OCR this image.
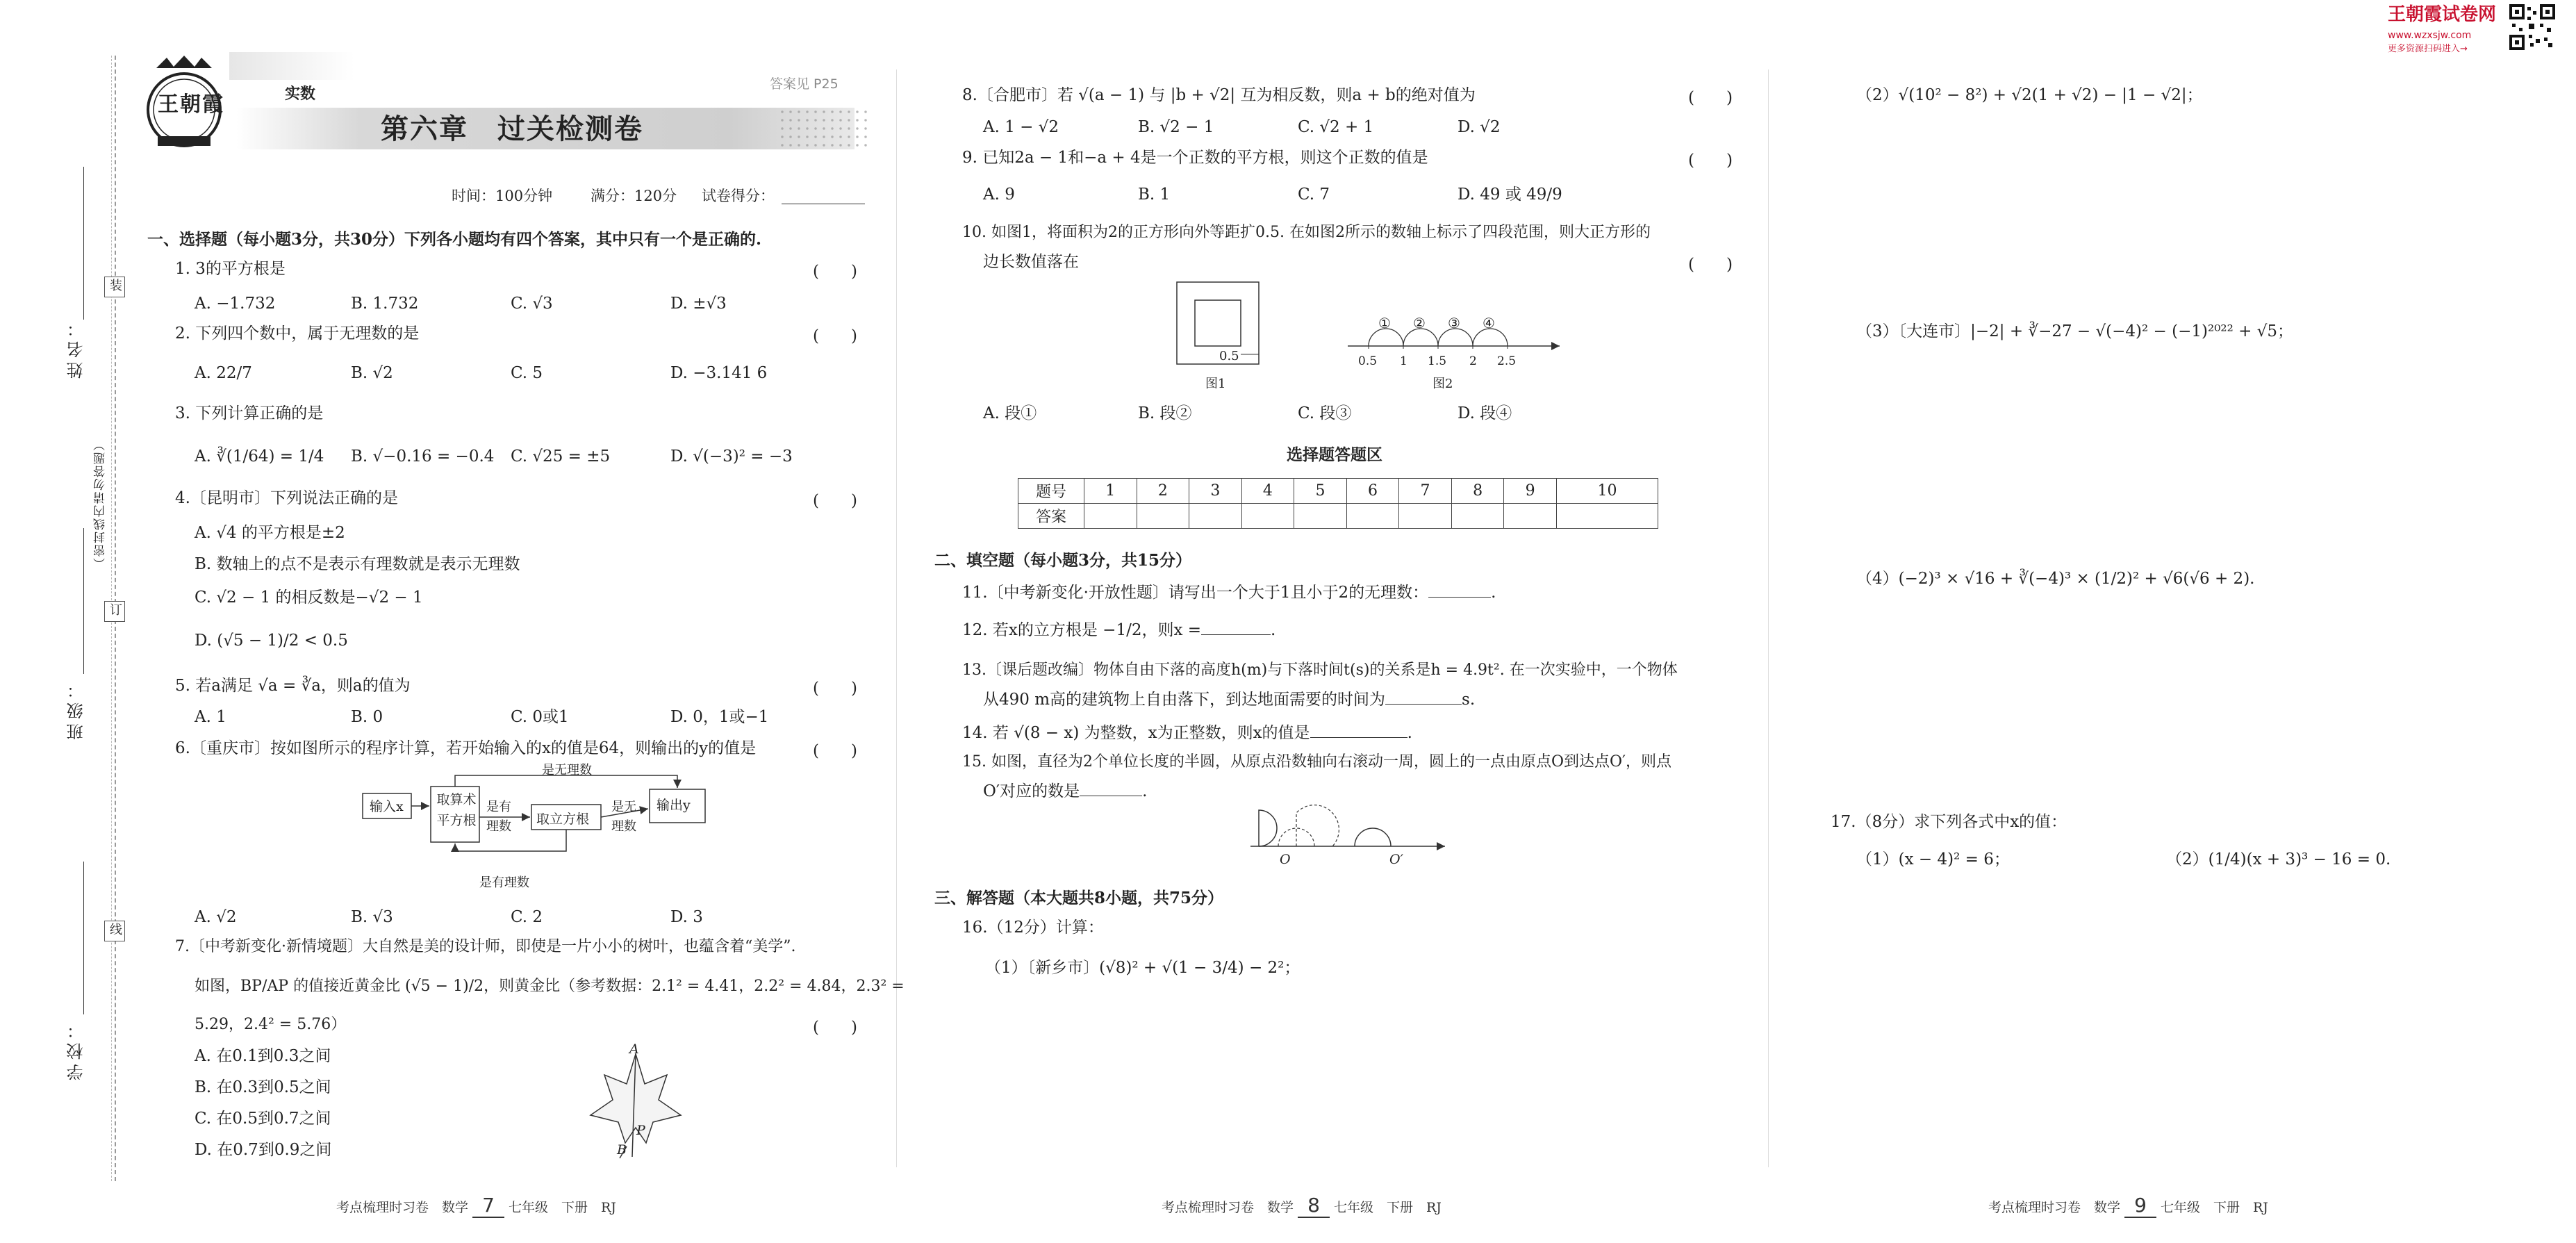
姓名：
班级：
学校：
（密封线内请勿答题）
装
订
线
王朝霞	实数
第六章　过关检测卷
答案见 P25
时间：100分钟	满分：120分 试卷得分：
王朝霞试卷网
www.wzxsjw.com
更多资源扫码进入→
一、选择题（每小题3分，共30分）下列各小题均有四个答案，其中只有一个是正确的.
1. 3的平方根是	(　　)
A. −1.732	B. 1.732	C. √3	D. ±√3
2. 下列四个数中，属于无理数的是	(　　)
A. 22/7	B. √2	C. 5	D. −3.141 6
3. 下列计算正确的是
A. ∛(1/64) = 1/4 B. √−0.16 = −0.4 C. √25 = ±5	D. √(−3)² = −3
4.〔昆明市〕下列说法正确的是	(　　)
A. √4 的平方根是±2
B. 数轴上的点不是表示有理数就是表示无理数
C. √2 − 1 的相反数是−√2 − 1
D. (√5 − 1)/2 < 0.5
5. 若a满足 √a = ∛a，则a的值为	(　　)
A. 1	B. 0	C. 0或1	D. 0，1或−1
6.〔重庆市〕按如图所示的程序计算，若开始输入的x的值是64，则输出的y的值是	(　　)
输入x	取算术平方根
是有理数	取立方根
是无理数
输出y
是无理数
是有理数
A. √2	B. √3	C. 2	D. 3
7.〔中考新变化·新情境题〕大自然是美的设计师，即使是一片小小的树叶，也蕴含着“美学”.
如图，BP/AP 的值接近黄金比 (√5 − 1)/2，则黄金比（参考数据：2.1² = 4.41，2.2² = 4.84，2.3² =
5.29，2.4² = 5.76）	(　　)
A. 在0.1到0.3之间
B. 在0.3到0.5之间
C. 在0.5到0.7之间
D. 在0.7到0.9之间
A
P
B
8.〔合肥市〕若 √(a − 1) 与 |b + √2| 互为相反数，则a + b的绝对值为	(　　)
A. 1 − √2	B. √2 − 1	C. √2 + 1	D. √2
9. 已知2a − 1和−a + 4是一个正数的平方根，则这个正数的值是	(　　)
A. 9	B. 1	C. 7	D. 49 或 49/9
10. 如图1，将面积为2的正方形向外等距扩0.5. 在如图2所示的数轴上标示了四段范围，则大正方形的
边长数值落在	(　　)
0.5
图1
① ② ③ ④
0.5 1 1.5 2 2.5
图2
A. 段①	B. 段②	C. 段③	D. 段④
选择题答题区
题号	1	2	3	4	5	6	7	8	9	10
答案										
二、填空题（每小题3分，共15分）
11.〔中考新变化·开放性题〕请写出一个大于1且小于2的无理数：	.
12. 若x的立方根是 −1/2，则x =	.
13.〔课后题改编〕物体自由下落的高度h(m)与下落时间t(s)的关系是h = 4.9t². 在一次实验中，一个物体
从490 m高的建筑物上自由落下，到达地面需要的时间为	s.
14. 若 √(8 − x) 为整数，x为正整数，则x的值是	.
15. 如图，直径为2个单位长度的半圆，从原点沿数轴向右滚动一周，圆上的一点由原点O到达点O′，则点
O′对应的数是	.
O	O′
三、解答题（本大题共8小题，共75分）
16.（12分）计算：
（1）〔新乡市〕(√8)² + √(1 − 3/4) − 2²；
（2）√(10² − 8²) + √2(1 + √2) − |1 − √2|；
（3）〔大连市〕|−2| + ∛−27 − √(−4)² − (−1)²⁰²² + √5；
（4）(−2)³ × √16 + ∛(−4)³ × (1/2)² + √6(√6 + 2).
17.（8分）求下列各式中x的值：
（1）(x − 4)² = 6；	（2）(1/4)(x + 3)³ − 16 = 0.
考点梳理时习卷　数学 7 七年级　下册　RJ	考点梳理时习卷　数学 8 七年级　下册　RJ	考点梳理时习卷　数学 9 七年级　下册　RJ
